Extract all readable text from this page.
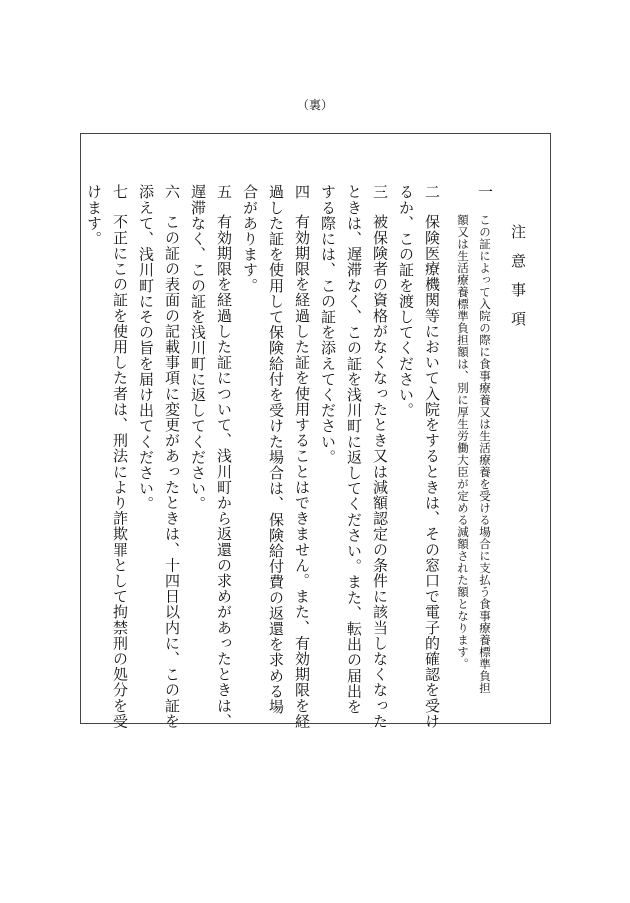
（裏）
注意事項
一
この証によって入院の際に食事療養又は生活療養を受ける場合に支払う食事療養標準負担
額又は生活療養標準負担額は、別に厚生労働大臣が定める減額された額となります。
二
保険医療機関等において入院をするときは、その窓口で電子的確認を受け
るか、この証を渡してください。
三
被保険者の資格がなくなったとき又は減額認定の条件に該当しなくなった
ときは、遅滞なく、この証を浅川町に返してください。また、転出の届出を
する際には、この証を添えてください。
四
有効期限を経過した証を使用することはできません。また、有効期限を経
過した証を使用して保険給付を受けた場合は、保険給付費の返還を求める場
合があります。
五
有効期限を経過した証について、浅川町から返還の求めがあったときは、
遅滞なく、この証を浅川町に返してください。
六
この証の表面の記載事項に変更があったときは、十四日以内に、この証を
添えて、浅川町にその旨を届け出てください。
七
不正にこの証を使用した者は、刑法により詐欺罪として拘禁刑の処分を受
けます。
